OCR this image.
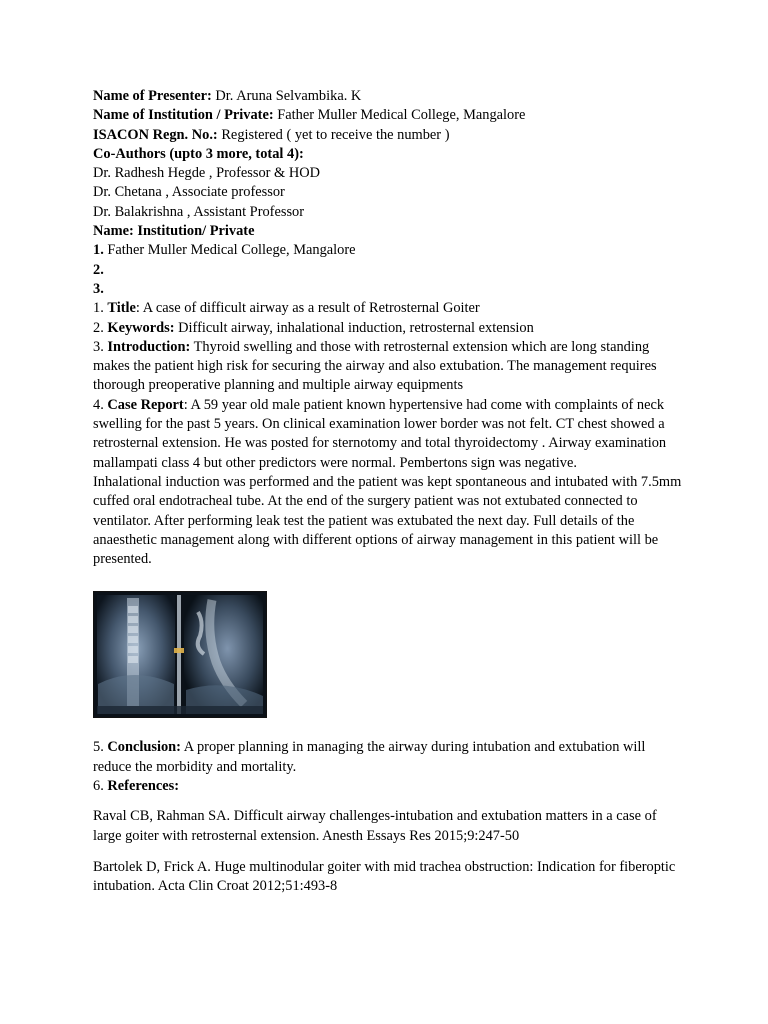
Name of Presenter: Dr. Aruna Selvambika. K
Name of Institution / Private: Father Muller Medical College, Mangalore
ISACON Regn. No.: Registered ( yet to receive the number )
Co-Authors (upto 3 more, total 4):
Dr. Radhesh Hegde , Professor & HOD
Dr. Chetana , Associate professor
Dr. Balakrishna , Assistant Professor
Name: Institution/ Private
1. Father Muller Medical College, Mangalore
2.
3.
1. Title: A case of difficult airway as a result of Retrosternal Goiter
2. Keywords: Difficult airway, inhalational induction, retrosternal extension

3. Introduction: Thyroid swelling and those with retrosternal extension which are long standing makes the patient high risk for securing the airway and also extubation. The management requires thorough preoperative planning and multiple airway equipments

4. Case Report: A 59 year old male patient known hypertensive had come with complaints of neck swelling for the past 5 years. On clinical examination lower border was not felt. CT chest showed a retrosternal extension. He was posted for sternotomy and total thyroidectomy . Airway examination mallampati class 4 but other predictors were normal. Pembertons sign was negative.

Inhalational induction was performed and the patient was kept spontaneous and intubated with 7.5mm cuffed oral endotracheal tube. At the end of the surgery patient was not extubated connected to ventilator. After performing leak test the patient was extubated the next day. Full details of the anaesthetic management along with different options of airway management in this patient will be presented.

5. Conclusion: A proper planning in managing the airway during intubation and extubation will reduce the morbidity and mortality.

6. References:

Raval CB, Rahman SA. Difficult airway challenges-intubation and extubation matters in a case of large goiter with retrosternal extension. Anesth Essays Res 2015;9:247-50

Bartolek D, Frick A. Huge multinodular goiter with mid trachea obstruction: Indication for fiberoptic intubation. Acta Clin Croat 2012;51:493-8
